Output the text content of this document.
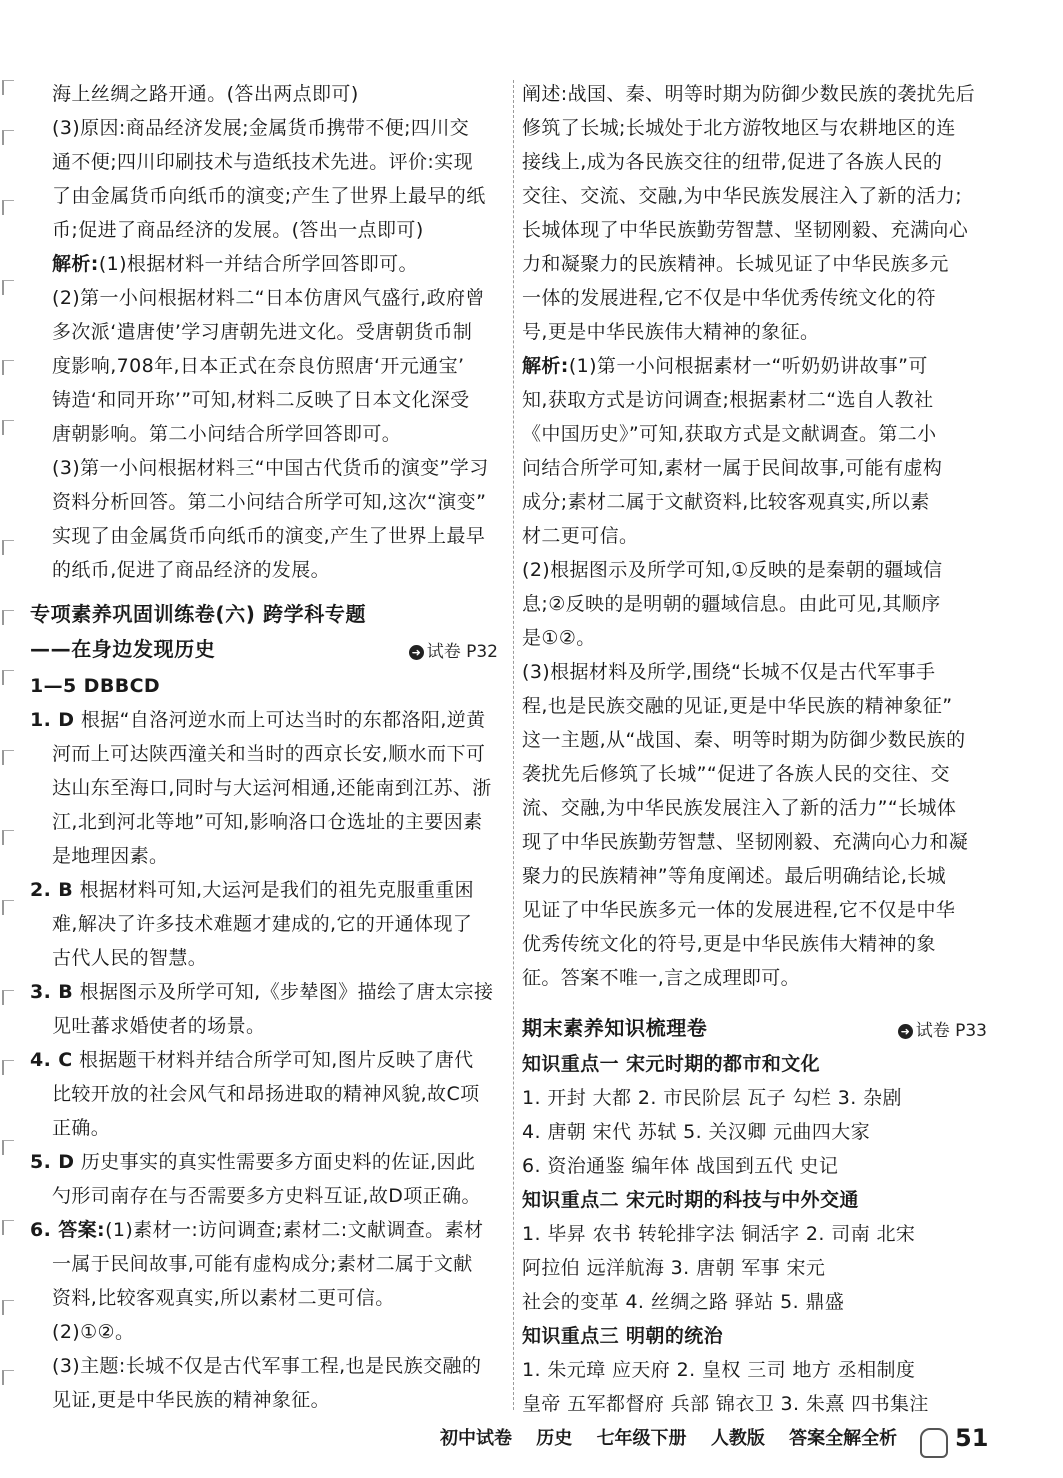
海上丝绸之路开通。(答出两点即可)
(3)原因:商品经济发展;金属货币携带不便;四川交
通不便;四川印刷技术与造纸技术先进。评价:实现
了由金属货币向纸币的演变;产生了世界上最早的纸
币;促进了商品经济的发展。(答出一点即可)
解析:(1)根据材料一并结合所学回答即可。
(2)第一小问根据材料二“日本仿唐风气盛行,政府曾
多次派‘遣唐使’学习唐朝先进文化。受唐朝货币制
度影响,708年,日本正式在奈良仿照唐‘开元通宝’
铸造‘和同开珎’”可知,材料二反映了日本文化深受
唐朝影响。第二小问结合所学回答即可。
(3)第一小问根据材料三“中国古代货币的演变”学习
资料分析回答。第二小问结合所学可知,这次“演变”
实现了由金属货币向纸币的演变,产生了世界上最早
的纸币,促进了商品经济的发展。
专项素养巩固训练卷(六) 跨学科专题
——在身边发现历史	➜ 试卷 P32
1—5 DBBCD
1. D 根据“自洛河逆水而上可达当时的东都洛阳,逆黄
河而上可达陕西潼关和当时的西京长安,顺水而下可
达山东至海口,同时与大运河相通,还能南到江苏、浙
江,北到河北等地”可知,影响洛口仓选址的主要因素
是地理因素。
2. B 根据材料可知,大运河是我们的祖先克服重重困
难,解决了许多技术难题才建成的,它的开通体现了
古代人民的智慧。
3. B 根据图示及所学可知,《步辇图》描绘了唐太宗接
见吐蕃求婚使者的场景。
4. C 根据题干材料并结合所学可知,图片反映了唐代
比较开放的社会风气和昂扬进取的精神风貌,故C项
正确。
5. D 历史事实的真实性需要多方面史料的佐证,因此
勺形司南存在与否需要多方史料互证,故D项正确。
6. 答案:(1)素材一:访问调查;素材二:文献调查。素材
一属于民间故事,可能有虚构成分;素材二属于文献
资料,比较客观真实,所以素材二更可信。
(2)①②。
(3)主题:长城不仅是古代军事工程,也是民族交融的
见证,更是中华民族的精神象征。
阐述:战国、秦、明等时期为防御少数民族的袭扰先后
修筑了长城;长城处于北方游牧地区与农耕地区的连
接线上,成为各民族交往的纽带,促进了各族人民的
交往、交流、交融,为中华民族发展注入了新的活力;
长城体现了中华民族勤劳智慧、坚韧刚毅、充满向心
力和凝聚力的民族精神。长城见证了中华民族多元
一体的发展进程,它不仅是中华优秀传统文化的符
号,更是中华民族伟大精神的象征。
解析:(1)第一小问根据素材一“听奶奶讲故事”可
知,获取方式是访问调查;根据素材二“选自人教社
《中国历史》”可知,获取方式是文献调查。第二小
问结合所学可知,素材一属于民间故事,可能有虚构
成分;素材二属于文献资料,比较客观真实,所以素
材二更可信。
(2)根据图示及所学可知,①反映的是秦朝的疆域信
息;②反映的是明朝的疆域信息。由此可见,其顺序
是①②。
(3)根据材料及所学,围绕“长城不仅是古代军事手
程,也是民族交融的见证,更是中华民族的精神象征”
这一主题,从“战国、秦、明等时期为防御少数民族的
袭扰先后修筑了长城”“促进了各族人民的交往、交
流、交融,为中华民族发展注入了新的活力”“长城体
现了中华民族勤劳智慧、坚韧刚毅、充满向心力和凝
聚力的民族精神”等角度阐述。最后明确结论,长城
见证了中华民族多元一体的发展进程,它不仅是中华
优秀传统文化的符号,更是中华民族伟大精神的象
征。答案不唯一,言之成理即可。
期末素养知识梳理卷	➜ 试卷 P33
知识重点一 宋元时期的都市和文化
1. 开封 大都 2. 市民阶层 瓦子 勾栏 3. 杂剧
4. 唐朝 宋代 苏轼 5. 关汉卿 元曲四大家
6. 资治通鉴 编年体 战国到五代 史记
知识重点二 宋元时期的科技与中外交通
1. 毕昇 农书 转轮排字法 铜活字 2. 司南 北宋
阿拉伯 远洋航海 3. 唐朝 军事 宋元
社会的变革 4. 丝绸之路 驿站 5. 鼎盛
知识重点三 明朝的统治
1. 朱元璋 应天府 2. 皇权 三司 地方 丞相制度
皇帝 五军都督府 兵部 锦衣卫 3. 朱熹 四书集注
初中试卷 历史 七年级下册 人教版 答案全解全析	51
